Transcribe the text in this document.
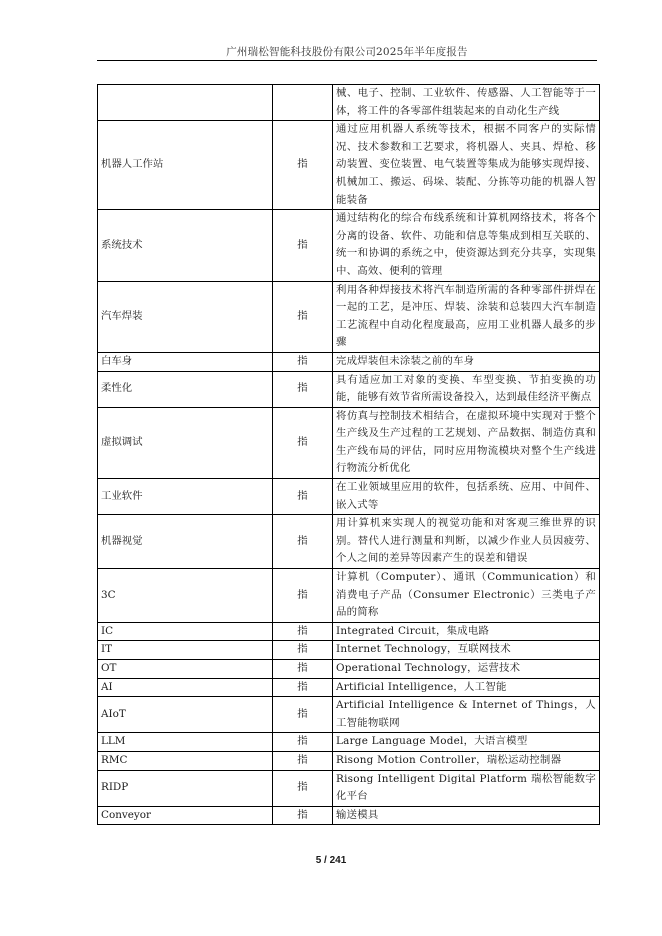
广州瑞松智能科技股份有限公司2025年半年度报告
		械、电子、控制、工业软件、传感器、人工智能等于一体，将工件的各零部件组装起来的自动化生产线
机器人工作站	指	通过应用机器人系统等技术，根据不同客户的实际情况、技术参数和工艺要求，将机器人、夹具、焊枪、移动装置、变位装置、电气装置等集成为能够实现焊接、机械加工、搬运、码垛、装配、分拣等功能的机器人智能装备
系统技术	指	通过结构化的综合布线系统和计算机网络技术，将各个分离的设备、软件、功能和信息等集成到相互关联的、统一和协调的系统之中，使资源达到充分共享，实现集中、高效、便利的管理
汽车焊装	指	利用各种焊接技术将汽车制造所需的各种零部件拼焊在一起的工艺，是冲压、焊装、涂装和总装四大汽车制造工艺流程中自动化程度最高，应用工业机器人最多的步骤
白车身	指	完成焊装但未涂装之前的车身
柔性化	指	具有适应加工对象的变换、车型变换、节拍变换的功能，能够有效节省所需设备投入，达到最佳经济平衡点
虚拟调试	指	将仿真与控制技术相结合，在虚拟环境中实现对于整个生产线及生产过程的工艺规划、产品数据、制造仿真和生产线布局的评估，同时应用物流模块对整个生产线进行物流分析优化
工业软件	指	在工业领域里应用的软件，包括系统、应用、中间件、嵌入式等
机器视觉	指	用计算机来实现人的视觉功能和对客观三维世界的识别。替代人进行测量和判断，以减少作业人员因疲劳、个人之间的差异等因素产生的误差和错误
3C	指	计算机（Computer）、通讯（Communication）和消费电子产品（Consumer Electronic）三类电子产品的简称
IC	指	Integrated Circuit，集成电路
IT	指	Internet Technology，互联网技术
OT	指	Operational Technology，运营技术
AI	指	Artificial Intelligence，人工智能
AIoT	指	Artificial Intelligence & Internet of Things，人工智能物联网
LLM	指	Large Language Model，大语言模型
RMC	指	Risong Motion Controller，瑞松运动控制器
RIDP	指	Risong Intelligent Digital Platform 瑞松智能数字化平台
Conveyor	指	输送模具
5 / 241
